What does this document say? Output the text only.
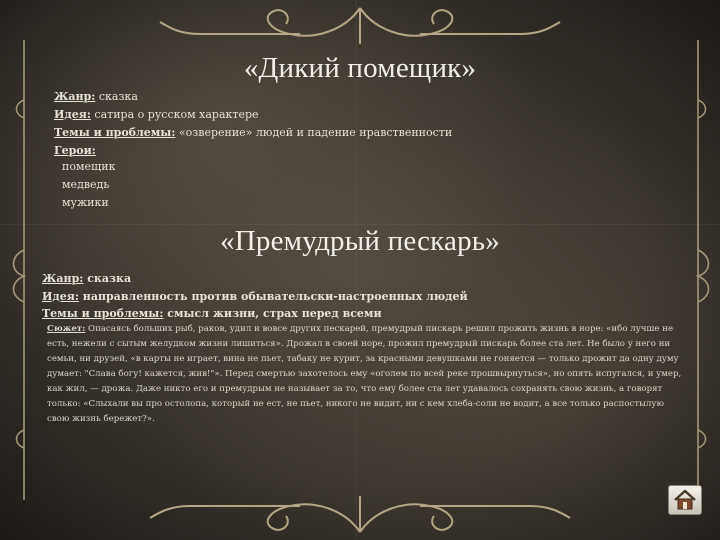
«Дикий помещик»
Жанр: сказка
Идея: сатира о русском характере
Темы и проблемы: «озверение» людей и падение нравственности
Герои:
помещик
медведь
мужики
«Премудрый пескарь»
Жанр: сказка
Идея: направленность против обывательски-настроенных людей
Темы и проблемы: смысл жизни, страх перед всеми
Сюжет: Опасаясь больших рыб, раков, удил и вовсе других пескарей, премудрый пискарь решил прожить жизнь в норе: «ибо лучше не есть, нежели с сытым желудком жизни лишиться». Дрожал в своей норе, прожил премудрый пискарь более ста лет. Не было у него ни семьи, ни друзей, «в карты не играет, вина не пьет, табаку не курит, за красными девушками не гоняется — только дрожит да одну думу думает: "Слава богу! кажется, жив!"». Перед смертью захотелось ему «оголем по всей реке прошвырнуться», но опять испугался, и умер, как жил, — дрожа. Даже никто его и премудрым не называет за то, что ему более ста лет удавалось сохранять свою жизнь, а говорят только: «Слыхали вы про остолопа, который не ест, не пьет, никого не видит, ни с кем хлеба-соли не водит, а все только распостылую свою жизнь бережет?».
